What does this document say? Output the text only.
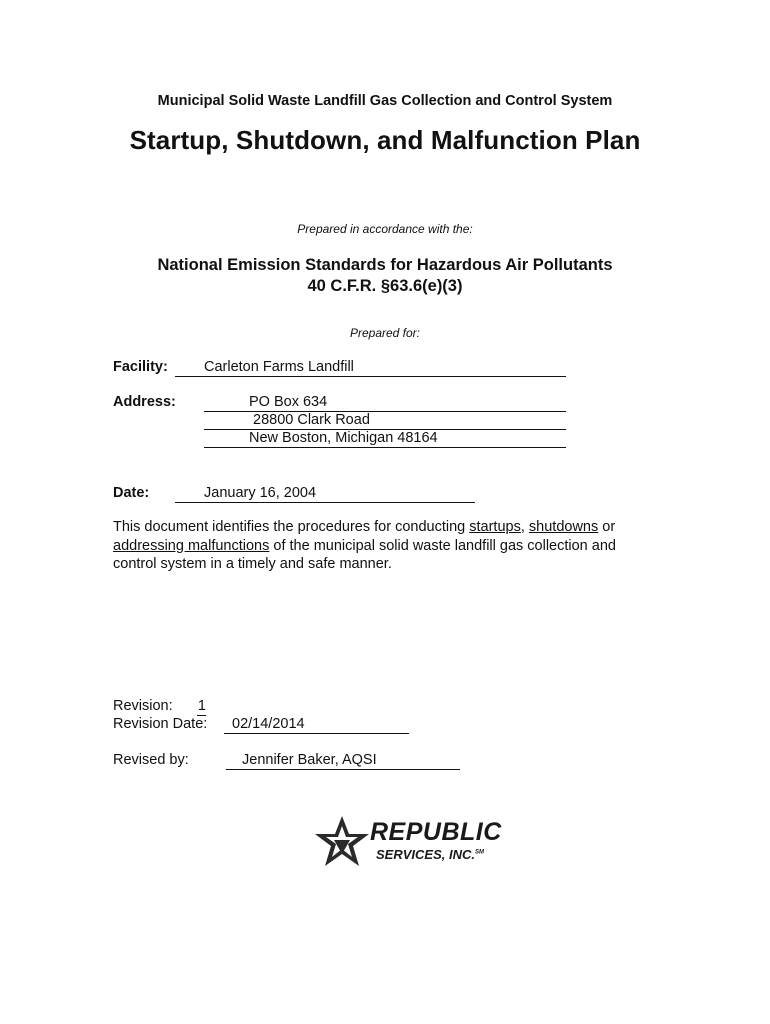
Municipal Solid Waste Landfill Gas Collection and Control System
Startup, Shutdown, and Malfunction Plan
Prepared in accordance with the:
National Emission Standards for Hazardous Air Pollutants
40 C.F.R. §63.6(e)(3)
Prepared for:
Facility: Carleton Farms Landfill
Address:	PO Box 634
28800 Clark Road
New Boston, Michigan 48164
Date:	January 16, 2004
This document identifies the procedures for conducting startups, shutdowns or
addressing malfunctions of the municipal solid waste landfill gas collection and control system in a timely and safe manner.
Revision: 1
Revision Date:	02/14/2014
Revised by:	Jennifer Baker, AQSI
REPUBLIC
SERVICES, INC.℠
